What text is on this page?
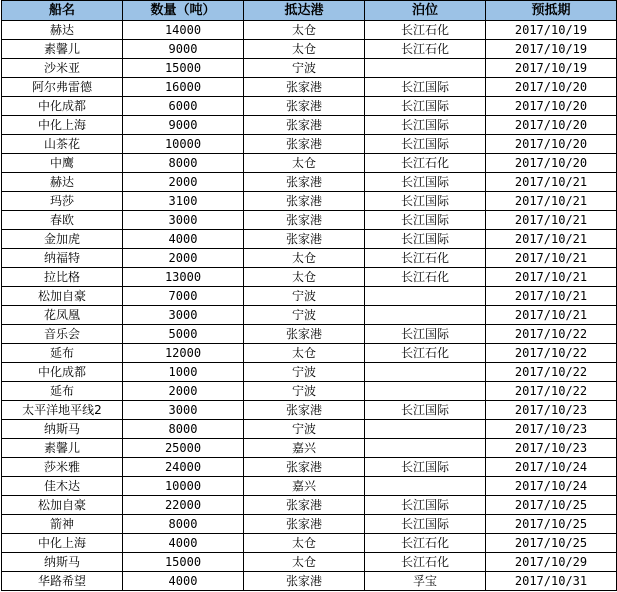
船名	数量（吨）	抵达港	泊位	预抵期
赫达	14000	太仓	长江石化	2017/10/19
素馨儿	9000	太仓	长江石化	2017/10/19
沙米亚	15000	宁波		2017/10/19
阿尔弗雷德	16000	张家港	长江国际	2017/10/20
中化成都	6000	张家港	长江国际	2017/10/20
中化上海	9000	张家港	长江国际	2017/10/20
山茶花	10000	张家港	长江国际	2017/10/20
中鹰	8000	太仓	长江石化	2017/10/20
赫达	2000	张家港	长江国际	2017/10/21
玛莎	3100	张家港	长江国际	2017/10/21
春欧	3000	张家港	长江国际	2017/10/21
金加虎	4000	张家港	长江国际	2017/10/21
纳福特	2000	太仓	长江石化	2017/10/21
拉比格	13000	太仓	长江石化	2017/10/21
松加自豪	7000	宁波		2017/10/21
花凤凰	3000	宁波		2017/10/21
音乐会	5000	张家港	长江国际	2017/10/22
延布	12000	太仓	长江石化	2017/10/22
中化成都	1000	宁波		2017/10/22
延布	2000	宁波		2017/10/22
太平洋地平线2	3000	张家港	长江国际	2017/10/23
纳斯马	8000	宁波		2017/10/23
素馨儿	25000	嘉兴		2017/10/23
莎米雅	24000	张家港	长江国际	2017/10/24
佳木达	10000	嘉兴		2017/10/24
松加自豪	22000	张家港	长江国际	2017/10/25
箭神	8000	张家港	长江国际	2017/10/25
中化上海	4000	太仓	长江石化	2017/10/25
纳斯马	15000	太仓	长江石化	2017/10/29
华路希望	4000	张家港	孚宝	2017/10/31
